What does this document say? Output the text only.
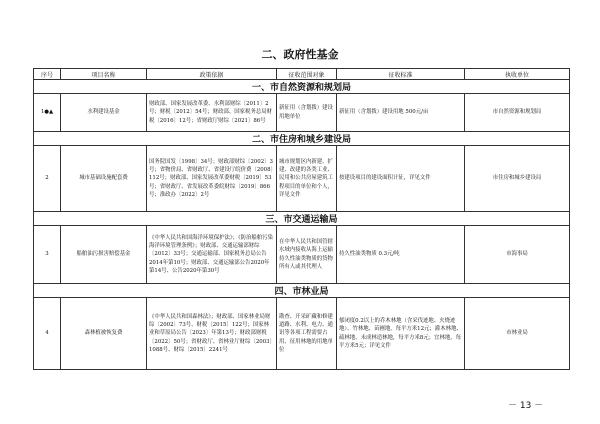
二、政府性基金
序号	项目名称	政策依据	征收范围对象	征收标准	执收单位
一、市自然资源和规划局					
1●▲	水利建设基金	财政部、国家发展改革委、水利部财综〔2011〕2号；财税〔2012〕54号；财政部、国家税务总局财税〔2016〕12号；省财政厅财综〔2021〕86号	新征用（含划拨）建设用地单位	新征用（含划拨）建设用地 500元/亩	市自然资源和规划局
二、市住房和城乡建设局					
2	城市基础设施配套费	国务院国发〔1998〕34号；财政部财综〔2002〕3号；省物价局、省财政厅、省建设厅皖价费〔2008〕112号；财政部、国家发展改革委财税〔2019〕53号；省财政厅、省发展改革委皖财综〔2019〕866号；淮政办〔2022〕2号	城市规划区内新建、扩建、改建的各类工业、民用和公共房屋建筑工程项目的单位和个人，详见文件	按建设项目的建设面积计征，详见文件	市住房和城乡建设局
三、市交通运输局					
3	船舶油污损害赔偿基金	《中华人民共和国海洋环境保护法》；《防治船舶污染海洋环境管理条例》；财政部、交通运输部财综〔2012〕33号；交通运输部、国家税务总局公告2014年第10号；财政部、交通运输部公告2020年第14号、公告2020年第30号	在中华人民共和国管辖水域内接收从海上运输持久性油类物质的货物所有人或其代理人	持久性油类物质 0.3元/吨	市海事局
四、市林业局					
4	森林植被恢复费	《中华人民共和国森林法》；财政部、国家林业局财综〔2002〕73号、财税〔2015〕122号；国家林业和草原局公告〔2023〕年第13号；财政部财税〔2022〕50号；省财政厅、省林业厅财综〔2003〕1088号、财综〔2015〕2241号	勘查、开采矿藏和修建道路、水利、电力、通讯等各项工程需要占用、征用林地的用地单位	郁闭度0.2以上的乔木林地（含采伐迹地、火烧迹地）、竹林地、苗圃地，每平方米12元；灌木林地、疏林地、未成林造林地，每平方米8元；宜林地，每平方米5元；详见文件	市林业局
－ 13 －
